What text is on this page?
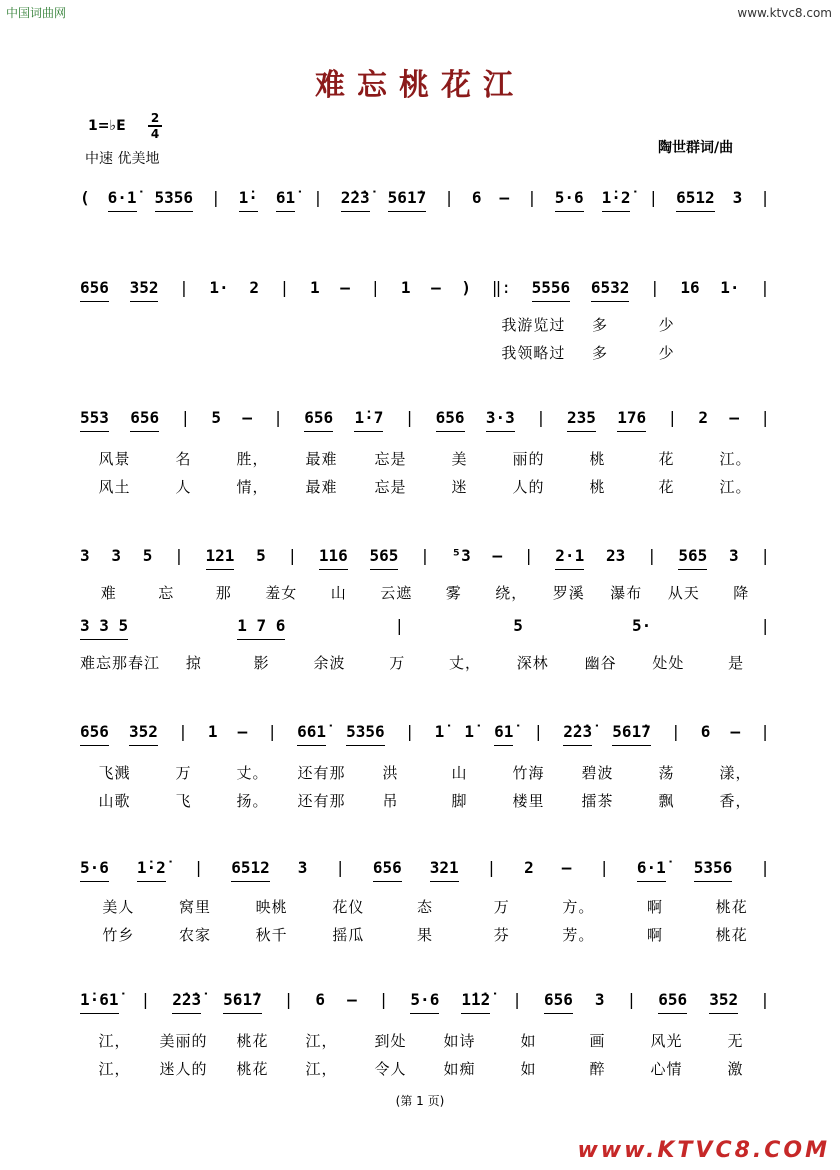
中国词曲网	www.ktvc8.com
难忘桃花江
1=♭E 2
4
中速 优美地
陶世群词/曲
( 6·1̇ 5356 | 1̇· 61̇ | 2̇2̇3̇ 561̇7 | 6 — | 5·6 1̇·2̇ | 6512 3 |
656 352 | 1· 2 | 1 — | 1 — ) ‖: 5556 6532 | 16 1· |
我游览过	多	少
我领略过	多	少
553 656 | 5 — | 656 1̇·7 | 656 3·3 | 235 176 | 2 — |
风景	名	胜，	最难	忘是	美	丽的	桃	花	江。
风土	人	情，	最难	忘是	迷	人的	桃	花	江。
3 3 5 | 121 5 | 116 565 | ⁵3 — | 2·1 23 | 565 3 |
难	忘	那	羞女	山	云遮	雾	绕，	罗溪	瀑布	从天	降
3 3 5	1 7 6	|	5	5·	|
难忘那春江	掠	影	余波	万	丈，	深林	幽谷	处处	是
656 352 | 1 — | 661̇ 5356 | 1̇ 1̇ 61̇ | 2̇2̇3̇ 561̇7 | 6 — |
飞溅	万	丈。	还有那	洪	山	竹海	碧波	荡	漾，
山歌	飞	扬。	还有那	吊	脚	楼里	擂茶	飘	香，
5·6 1̇·2̇ | 6512 3 | 656 321 | 2 — | 6·1̇ 5356 |
美人	窝里	映桃	花仪	态	万	方。	啊	桃花
竹乡	农家	秋千	摇瓜	果	芬	芳。	啊	桃花
1̇·61̇ | 2̇2̇3̇ 561̇7 | 6 — | 5·6 1̇1̇2̇ | 656 3 | 656 352 |
江，	美丽的	桃花	江，	到处	如诗	如	画	风光	无
江，	迷人的	桃花	江，	令人	如痴	如	醉	心情	激
(第 1 页)
www.KTVC8.COM
